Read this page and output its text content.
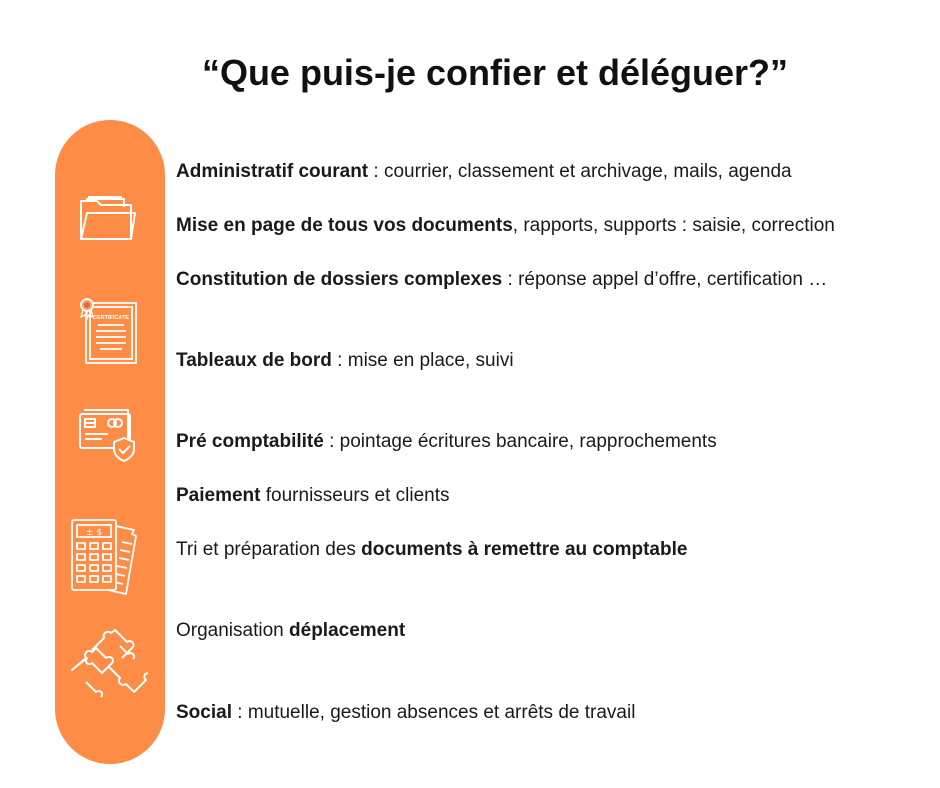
“Que puis-je confier et déléguer?”
CERTIFICATE
± $
Administratif courant : courrier, classement et archivage, mails, agenda
Mise en page de tous vos documents, rapports, supports : saisie, correction
Constitution de dossiers complexes : réponse appel d’offre, certification …
Tableaux de bord : mise en place, suivi
Pré comptabilité : pointage écritures bancaire, rapprochements
Paiement fournisseurs et clients
Tri et préparation des documents à remettre au comptable
Organisation déplacement
Social : mutuelle, gestion absences et arrêts de travail
